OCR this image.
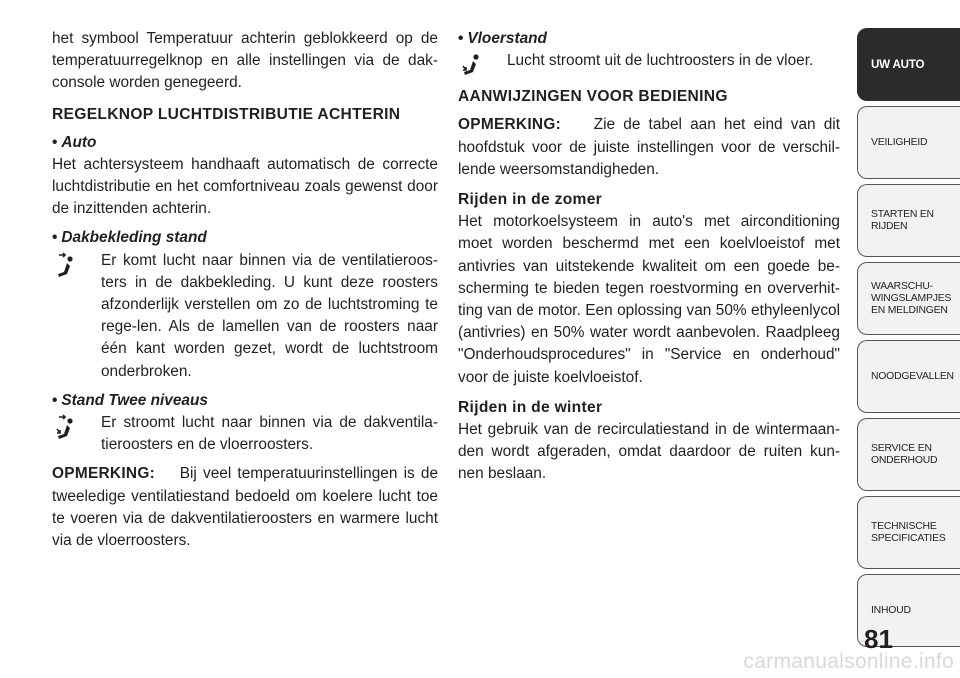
het symbool Temperatuur achterin geblokkeerd op de temperatuurregelknop en alle instellingen via de dak-console worden genegeerd.

REGELKNOP LUCHTDISTRIBUTIE ACHTERIN

• Auto

Het achtersysteem handhaaft automatisch de correcte luchtdistributie en het comfortniveau zoals gewenst door de inzittenden achterin.

• Dakbekleding stand

Er komt lucht naar binnen via de ventilatieroos-ters in de dakbekleding. U kunt deze roosters afzonderlijk verstellen om zo de luchtstroming te rege-len. Als de lamellen van de roosters naar één kant worden gezet, wordt de luchtstroom onderbroken.

• Stand Twee niveaus

Er stroomt lucht naar binnen via de dakventila-tieroosters en de vloerroosters.

OPMERKING: Bij veel temperatuurinstellingen is de tweeledige ventilatiestand bedoeld om koelere lucht toe te voeren via de dakventilatieroosters en warmere lucht via de vloerroosters.

• Vloerstand

Lucht stroomt uit de luchtroosters in de vloer.

AANWIJZINGEN VOOR BEDIENING

OPMERKING: Zie de tabel aan het eind van dit hoofdstuk voor de juiste instellingen voor de verschil-lende weersomstandigheden.

Rijden in de zomer

Het motorkoelsysteem in auto's met airconditioning moet worden beschermd met een koelvloeistof met antivries van uitstekende kwaliteit om een goede be-scherming te bieden tegen roestvorming en oververhit-ting van de motor. Een oplossing van 50% ethyleenlycol (antivries) en 50% water wordt aanbevolen. Raadpleeg "Onderhoudsprocedures" in "Service en onderhoud" voor de juiste koelvloeistof.

Rijden in de winter

Het gebruik van de recirculatiestand in de wintermaan-den wordt afgeraden, omdat daardoor de ruiten kun-nen beslaan.

UW AUTO
VEILIGHEID
STARTEN EN
RIJDEN
WAARSCHU-
WINGSLAMPJES
EN MELDINGEN
NOODGEVALLEN
SERVICE EN
ONDERHOUD
TECHNISCHE
SPECIFICATIES
INHOUD
81
carmanualsonline.info
